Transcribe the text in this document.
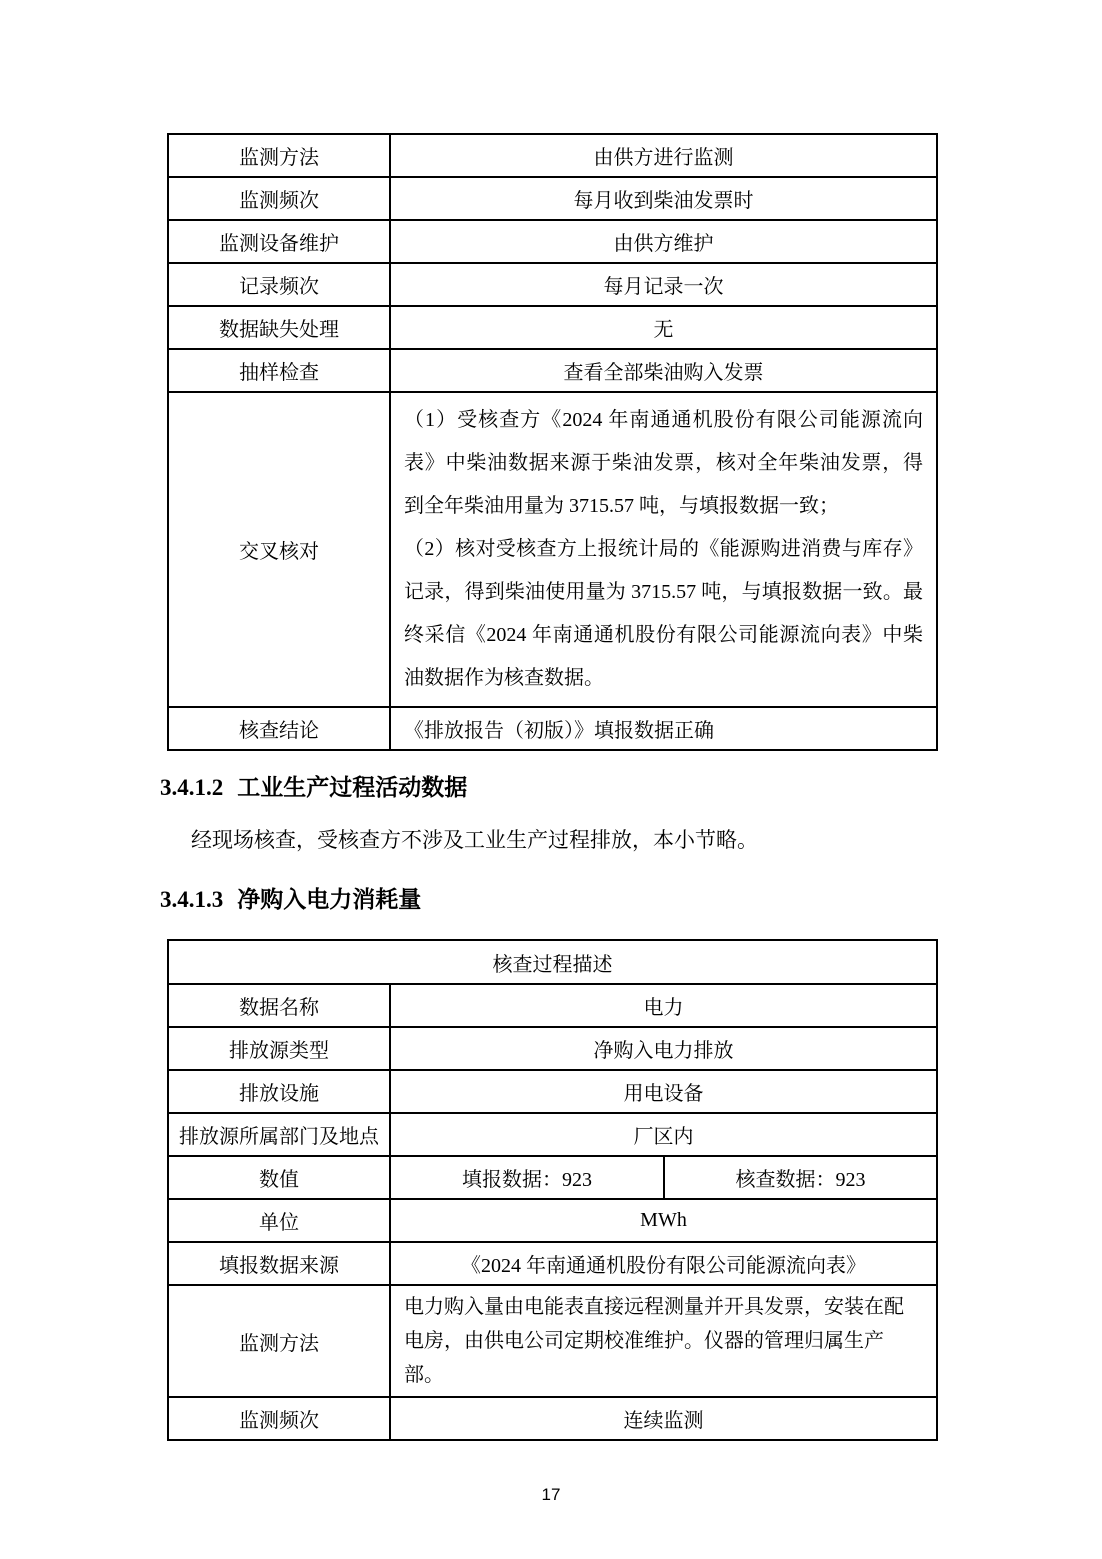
监测方法	由供方进行监测
监测频次	每月收到柴油发票时
监测设备维护	由供方维护
记录频次	每月记录一次
数据缺失处理	无
抽样检查	查看全部柴油购入发票
交叉核对	（1）受核查方《2024 年南通通机股份有限公司能源流向表》中柴油数据来源于柴油发票，核对全年柴油发票，得到全年柴油用量为 3715.57 吨，与填报数据一致；

（2）核对受核查方上报统计局的《能源购进消费与库存》记录，得到柴油使用量为 3715.57 吨，与填报数据一致。最终采信《2024 年南通通机股份有限公司能源流向表》中柴油数据作为核查数据。

核查结论	《排放报告（初版）》填报数据正确
3.4.1.2 工业生产过程活动数据

经现场核查，受核查方不涉及工业生产过程排放，本小节略。

3.4.1.3 净购入电力消耗量
核查过程描述		
数据名称	电力	
排放源类型	净购入电力排放	
排放设施	用电设备	
排放源所属部门及地点	厂区内	
数值	填报数据：923	核查数据：923
单位	MWh	
填报数据来源	《2024 年南通通机股份有限公司能源流向表》	
监测方法	电力购入量由电能表直接远程测量并开具发票，安装在配电房，由供电公司定期校准维护。仪器的管理归属生产部。	
监测频次	连续监测	
17
